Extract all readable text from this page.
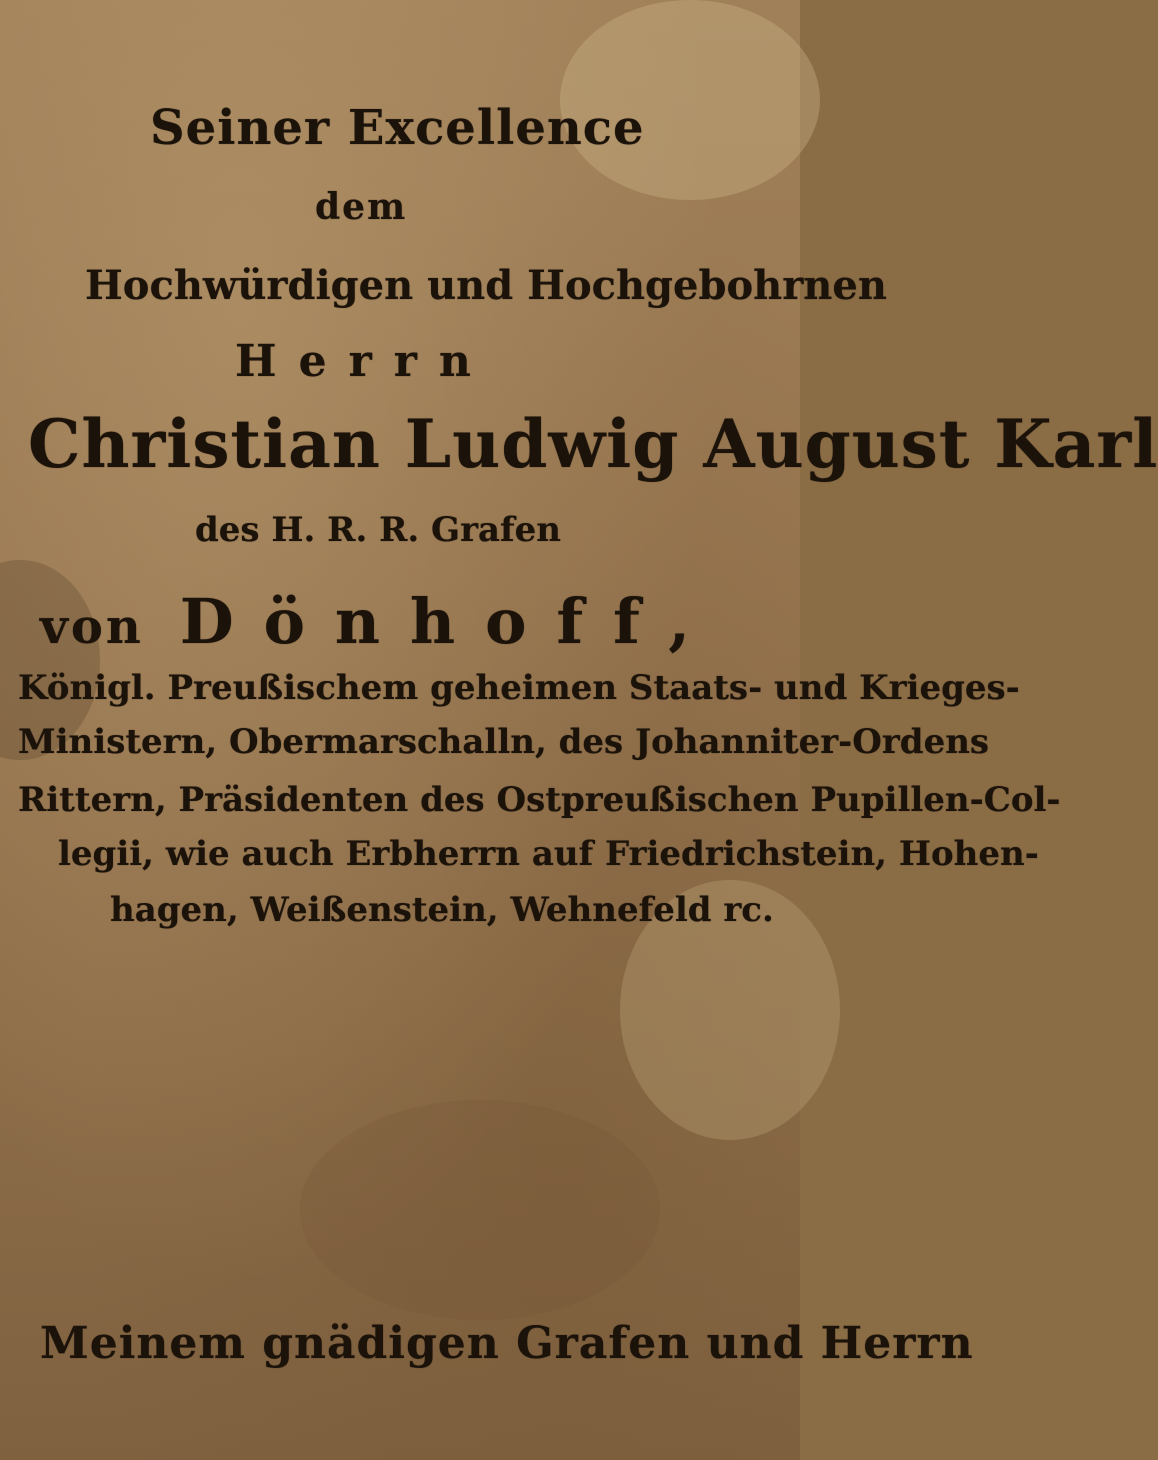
Seiner Excellence
dem
Hochwürdigen und Hochgebohrnen
Herrn
Christian Ludwig August Karl
des H. R. R. Grafen
von Dönhoff,
Königl. Preußischem geheimen Staats- und Krieges-
Ministern, Obermarschalln, des Johanniter-Ordens
Rittern, Präsidenten des Ostpreußischen Pupillen-Col-
legii, wie auch Erbherrn auf Friedrichstein, Hohen-
hagen, Weißenstein, Wehnefeld rc.
Meinem gnädigen Grafen und Herrn
